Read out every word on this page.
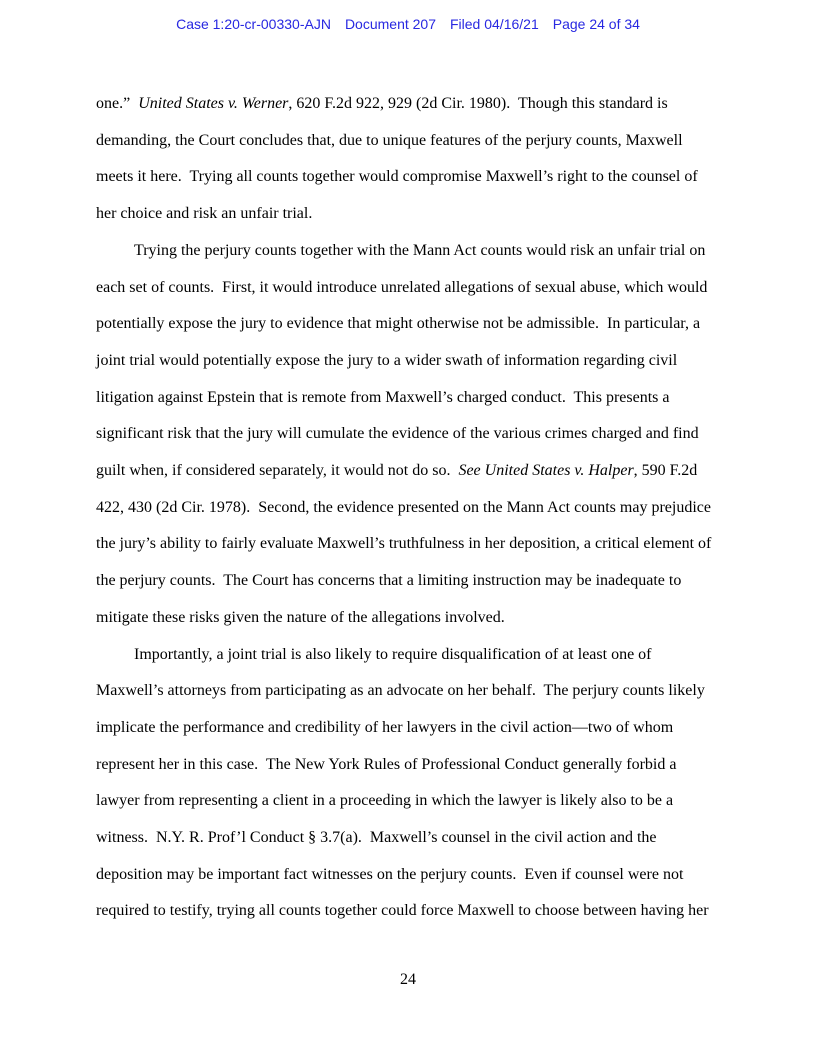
Case 1:20-cr-00330-AJN Document 207 Filed 04/16/21 Page 24 of 34
one.”  United States v. Werner, 620 F.2d 922, 929 (2d Cir. 1980).  Though this standard is
demanding, the Court concludes that, due to unique features of the perjury counts, Maxwell
meets it here.  Trying all counts together would compromise Maxwell’s right to the counsel of
her choice and risk an unfair trial.
Trying the perjury counts together with the Mann Act counts would risk an unfair trial on
each set of counts.  First, it would introduce unrelated allegations of sexual abuse, which would
potentially expose the jury to evidence that might otherwise not be admissible.  In particular, a
joint trial would potentially expose the jury to a wider swath of information regarding civil
litigation against Epstein that is remote from Maxwell’s charged conduct.  This presents a
significant risk that the jury will cumulate the evidence of the various crimes charged and find
guilt when, if considered separately, it would not do so.  See United States v. Halper, 590 F.2d
422, 430 (2d Cir. 1978).  Second, the evidence presented on the Mann Act counts may prejudice
the jury’s ability to fairly evaluate Maxwell’s truthfulness in her deposition, a critical element of
the perjury counts.  The Court has concerns that a limiting instruction may be inadequate to
mitigate these risks given the nature of the allegations involved.
Importantly, a joint trial is also likely to require disqualification of at least one of
Maxwell’s attorneys from participating as an advocate on her behalf.  The perjury counts likely
implicate the performance and credibility of her lawyers in the civil action—two of whom
represent her in this case.  The New York Rules of Professional Conduct generally forbid a
lawyer from representing a client in a proceeding in which the lawyer is likely also to be a
witness.  N.Y. R. Prof’l Conduct § 3.7(a).  Maxwell’s counsel in the civil action and the
deposition may be important fact witnesses on the perjury counts.  Even if counsel were not
required to testify, trying all counts together could force Maxwell to choose between having her
24
